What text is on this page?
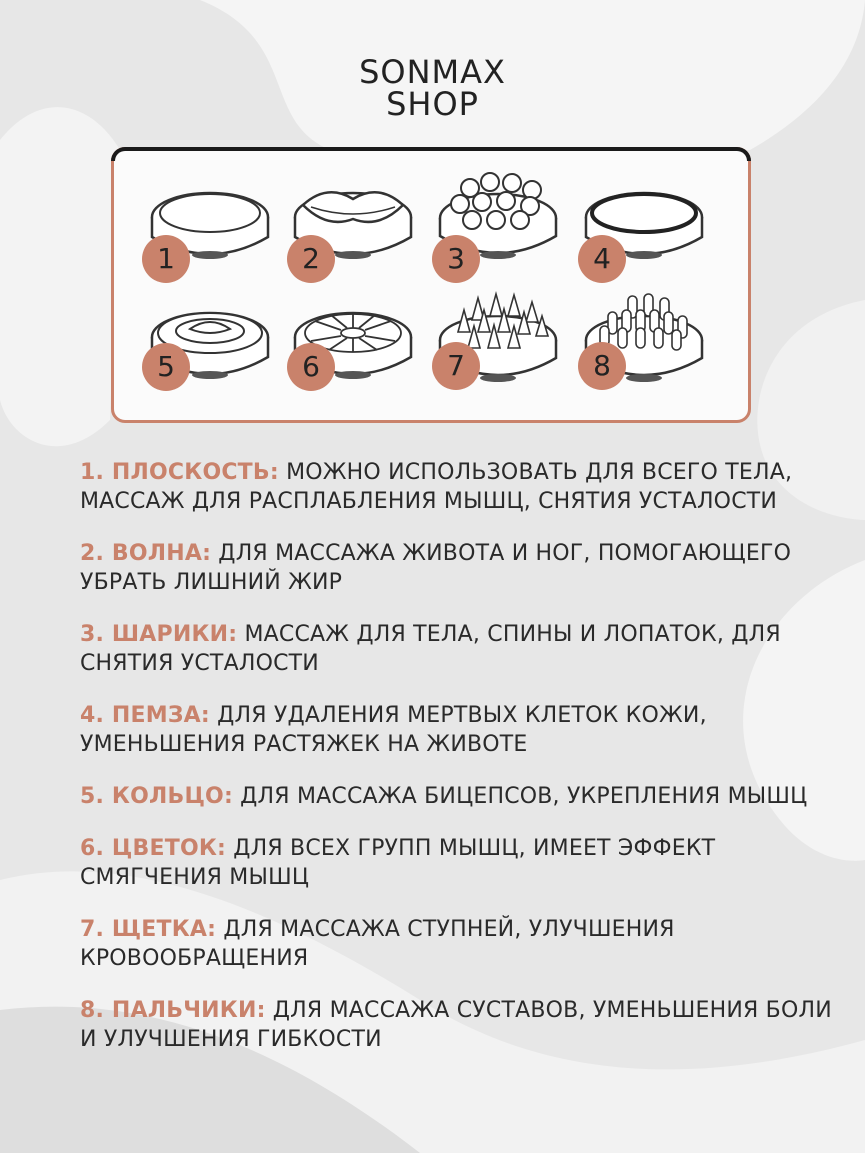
SONMAX
SHOP
1	2	3	4
5	6	7	8
1. ПЛОСКОСТЬ: МОЖНО ИСПОЛЬЗОВАТЬ ДЛЯ ВСЕГО ТЕЛА, МАССАЖ ДЛЯ РАСПЛАБЛЕНИЯ МЫШЦ, СНЯТИЯ УСТАЛОСТИ
2. ВОЛНА: ДЛЯ МАССАЖА ЖИВОТА И НОГ, ПОМОГАЮЩЕГО УБРАТЬ ЛИШНИЙ ЖИР
3. ШАРИКИ: МАССАЖ ДЛЯ ТЕЛА, СПИНЫ И ЛОПАТОК, ДЛЯ СНЯТИЯ УСТАЛОСТИ
4. ПЕМЗА: ДЛЯ УДАЛЕНИЯ МЕРТВЫХ КЛЕТОК КОЖИ, УМЕНЬШЕНИЯ РАСТЯЖЕК НА ЖИВОТЕ
5. КОЛЬЦО: ДЛЯ МАССАЖА БИЦЕПСОВ, УКРЕПЛЕНИЯ МЫШЦ
6. ЦВЕТОК: ДЛЯ ВСЕХ ГРУПП МЫШЦ, ИМЕЕТ ЭФФЕКТ СМЯГЧЕНИЯ МЫШЦ
7. ЩЕТКА: ДЛЯ МАССАЖА СТУПНЕЙ, УЛУЧШЕНИЯ КРОВООБРАЩЕНИЯ
8. ПАЛЬЧИКИ: ДЛЯ МАССАЖА СУСТАВОВ, УМЕНЬШЕНИЯ БОЛИ И УЛУЧШЕНИЯ ГИБКОСТИ
